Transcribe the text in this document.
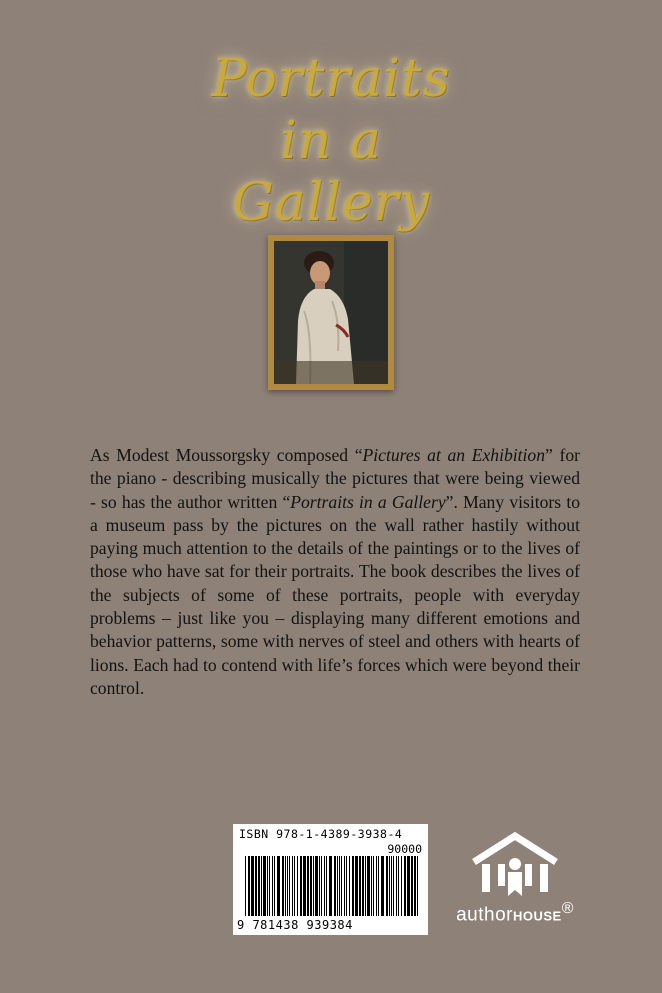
Portraits
in a
Gallery

As Modest Moussorgsky composed “Pictures at an Exhibition” for the piano - describing musically the pictures that were being viewed - so has the author written “Portraits in a Gallery”. Many visitors to a museum pass by the pictures on the wall rather hastily without paying much attention to the details of the paintings or to the lives of those who have sat for their portraits. The book describes the lives of the subjects of some of these portraits, people with everyday problems – just like you – displaying many different emotions and behavior patterns, some with nerves of steel and others with hearts of lions. Each had to contend with life’s forces which were beyond their control.

ISBN 978-1-4389-3938-4
90000
9 781438 939384	authorHOUSE®
